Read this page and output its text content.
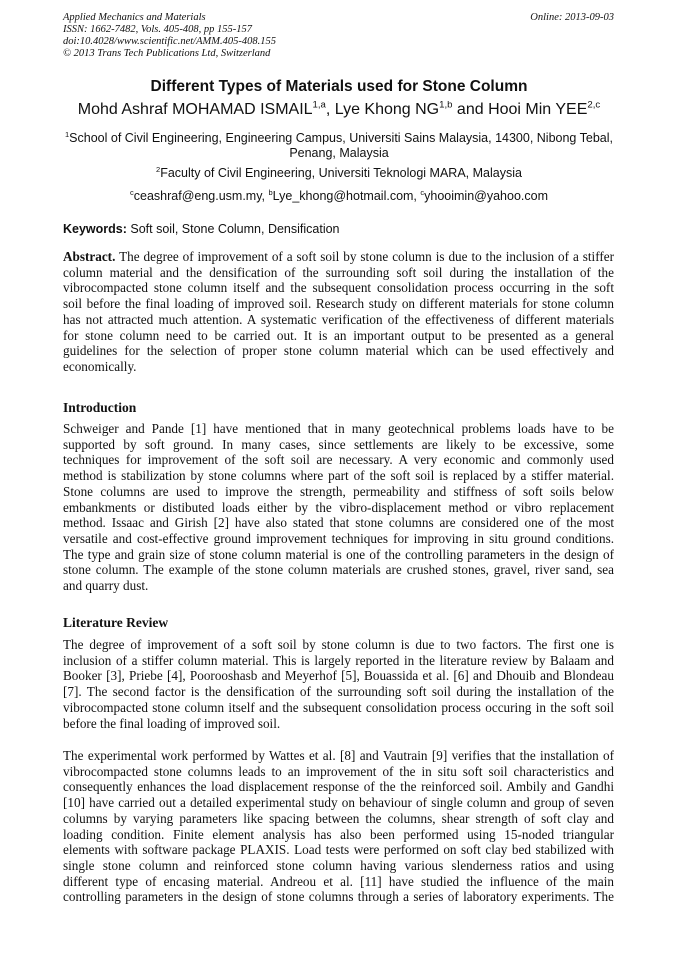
Applied Mechanics and Materials
ISSN: 1662-7482, Vols. 405-408, pp 155-157
doi:10.4028/www.scientific.net/AMM.405-408.155
© 2013 Trans Tech Publications Ltd, Switzerland
Online: 2013-09-03
Different Types of Materials used for Stone Column
Mohd Ashraf MOHAMAD ISMAIL$^{1,a}$, Lye Khong NG$^{1,b}$ and Hooi Min YEE$^{2,c}$
$^1$School of Civil Engineering, Engineering Campus, Universiti Sains Malaysia, 14300, Nibong Tebal,
Penang, Malaysia
$^2$Faculty of Civil Engineering, Universiti Teknologi MARA, Malaysia
$^c$ceashraf@eng.usm.my, $^b$Lye_khong@hotmail.com, $^c$yhooimin@yahoo.com
Keywords: Soft soil, Stone Column, Densification
Abstract. The degree of improvement of a soft soil by stone column is due to the inclusion of a stiffer
column material and the densification of the surrounding soft soil during the installation of the
vibrocompacted stone column itself and the subsequent consolidation process occurring in the soft
soil before the final loading of improved soil. Research study on different materials for stone column
has not attracted much attention. A systematic verification of the effectiveness of different materials
for stone column need to be carried out. It is an important output to be presented as a general
guidelines for the selection of proper stone column material which can be used effectively and
economically.
Introduction
Schweiger and Pande [1] have mentioned that in many geotechnical problems loads have to be
supported by soft ground. In many cases, since settlements are likely to be excessive, some
techniques for improvement of the soft soil are necessary. A very economic and commonly used
method is stabilization by stone columns where part of the soft soil is replaced by a stiffer material.
Stone columns are used to improve the strength, permeability and stiffness of soft soils below
embankments or distibuted loads either by the vibro-displacement method or vibro replacement
method. Issaac and Girish [2] have also stated that stone columns are considered one of the most
versatile and cost-effective ground improvement techniques for improving in situ ground conditions.
The type and grain size of stone column material is one of the controlling parameters in the design of
stone column. The example of the stone column materials are crushed stones, gravel, river sand, sea
and quarry dust.
Literature Review
The degree of improvement of a soft soil by stone column is due to two factors. The first one is
inclusion of a stiffer column material. This is largely reported in the literature review by Balaam and
Booker [3], Priebe [4], Poorooshasb and Meyerhof [5], Bouassida et al. [6] and Dhouib and Blondeau
[7]. The second factor is the densification of the surrounding soft soil during the installation of the
vibrocompacted stone column itself and the subsequent consolidation process occuring in the soft soil
before the final loading of improved soil.
The experimental work performed by Wattes et al. [8] and Vautrain [9] verifies that the installation of
vibrocompacted stone columns leads to an improvement of the in situ soft soil characteristics and
consequently enhances the load displacement response of the the reinforced soil. Ambily and Gandhi
[10] have carried out a detailed experimental study on behaviour of single column and group of seven
columns by varying parameters like spacing between the columns, shear strength of soft clay and
loading condition. Finite element analysis has also been performed using 15-noded triangular
elements with software package PLAXIS. Load tests were performed on soft clay bed stabilized with
single stone column and reinforced stone column having various slenderness ratios and using
different type of encasing material. Andreou et al. [11] have studied the influence of the main
controlling parameters in the design of stone columns through a series of laboratory experiments. The
